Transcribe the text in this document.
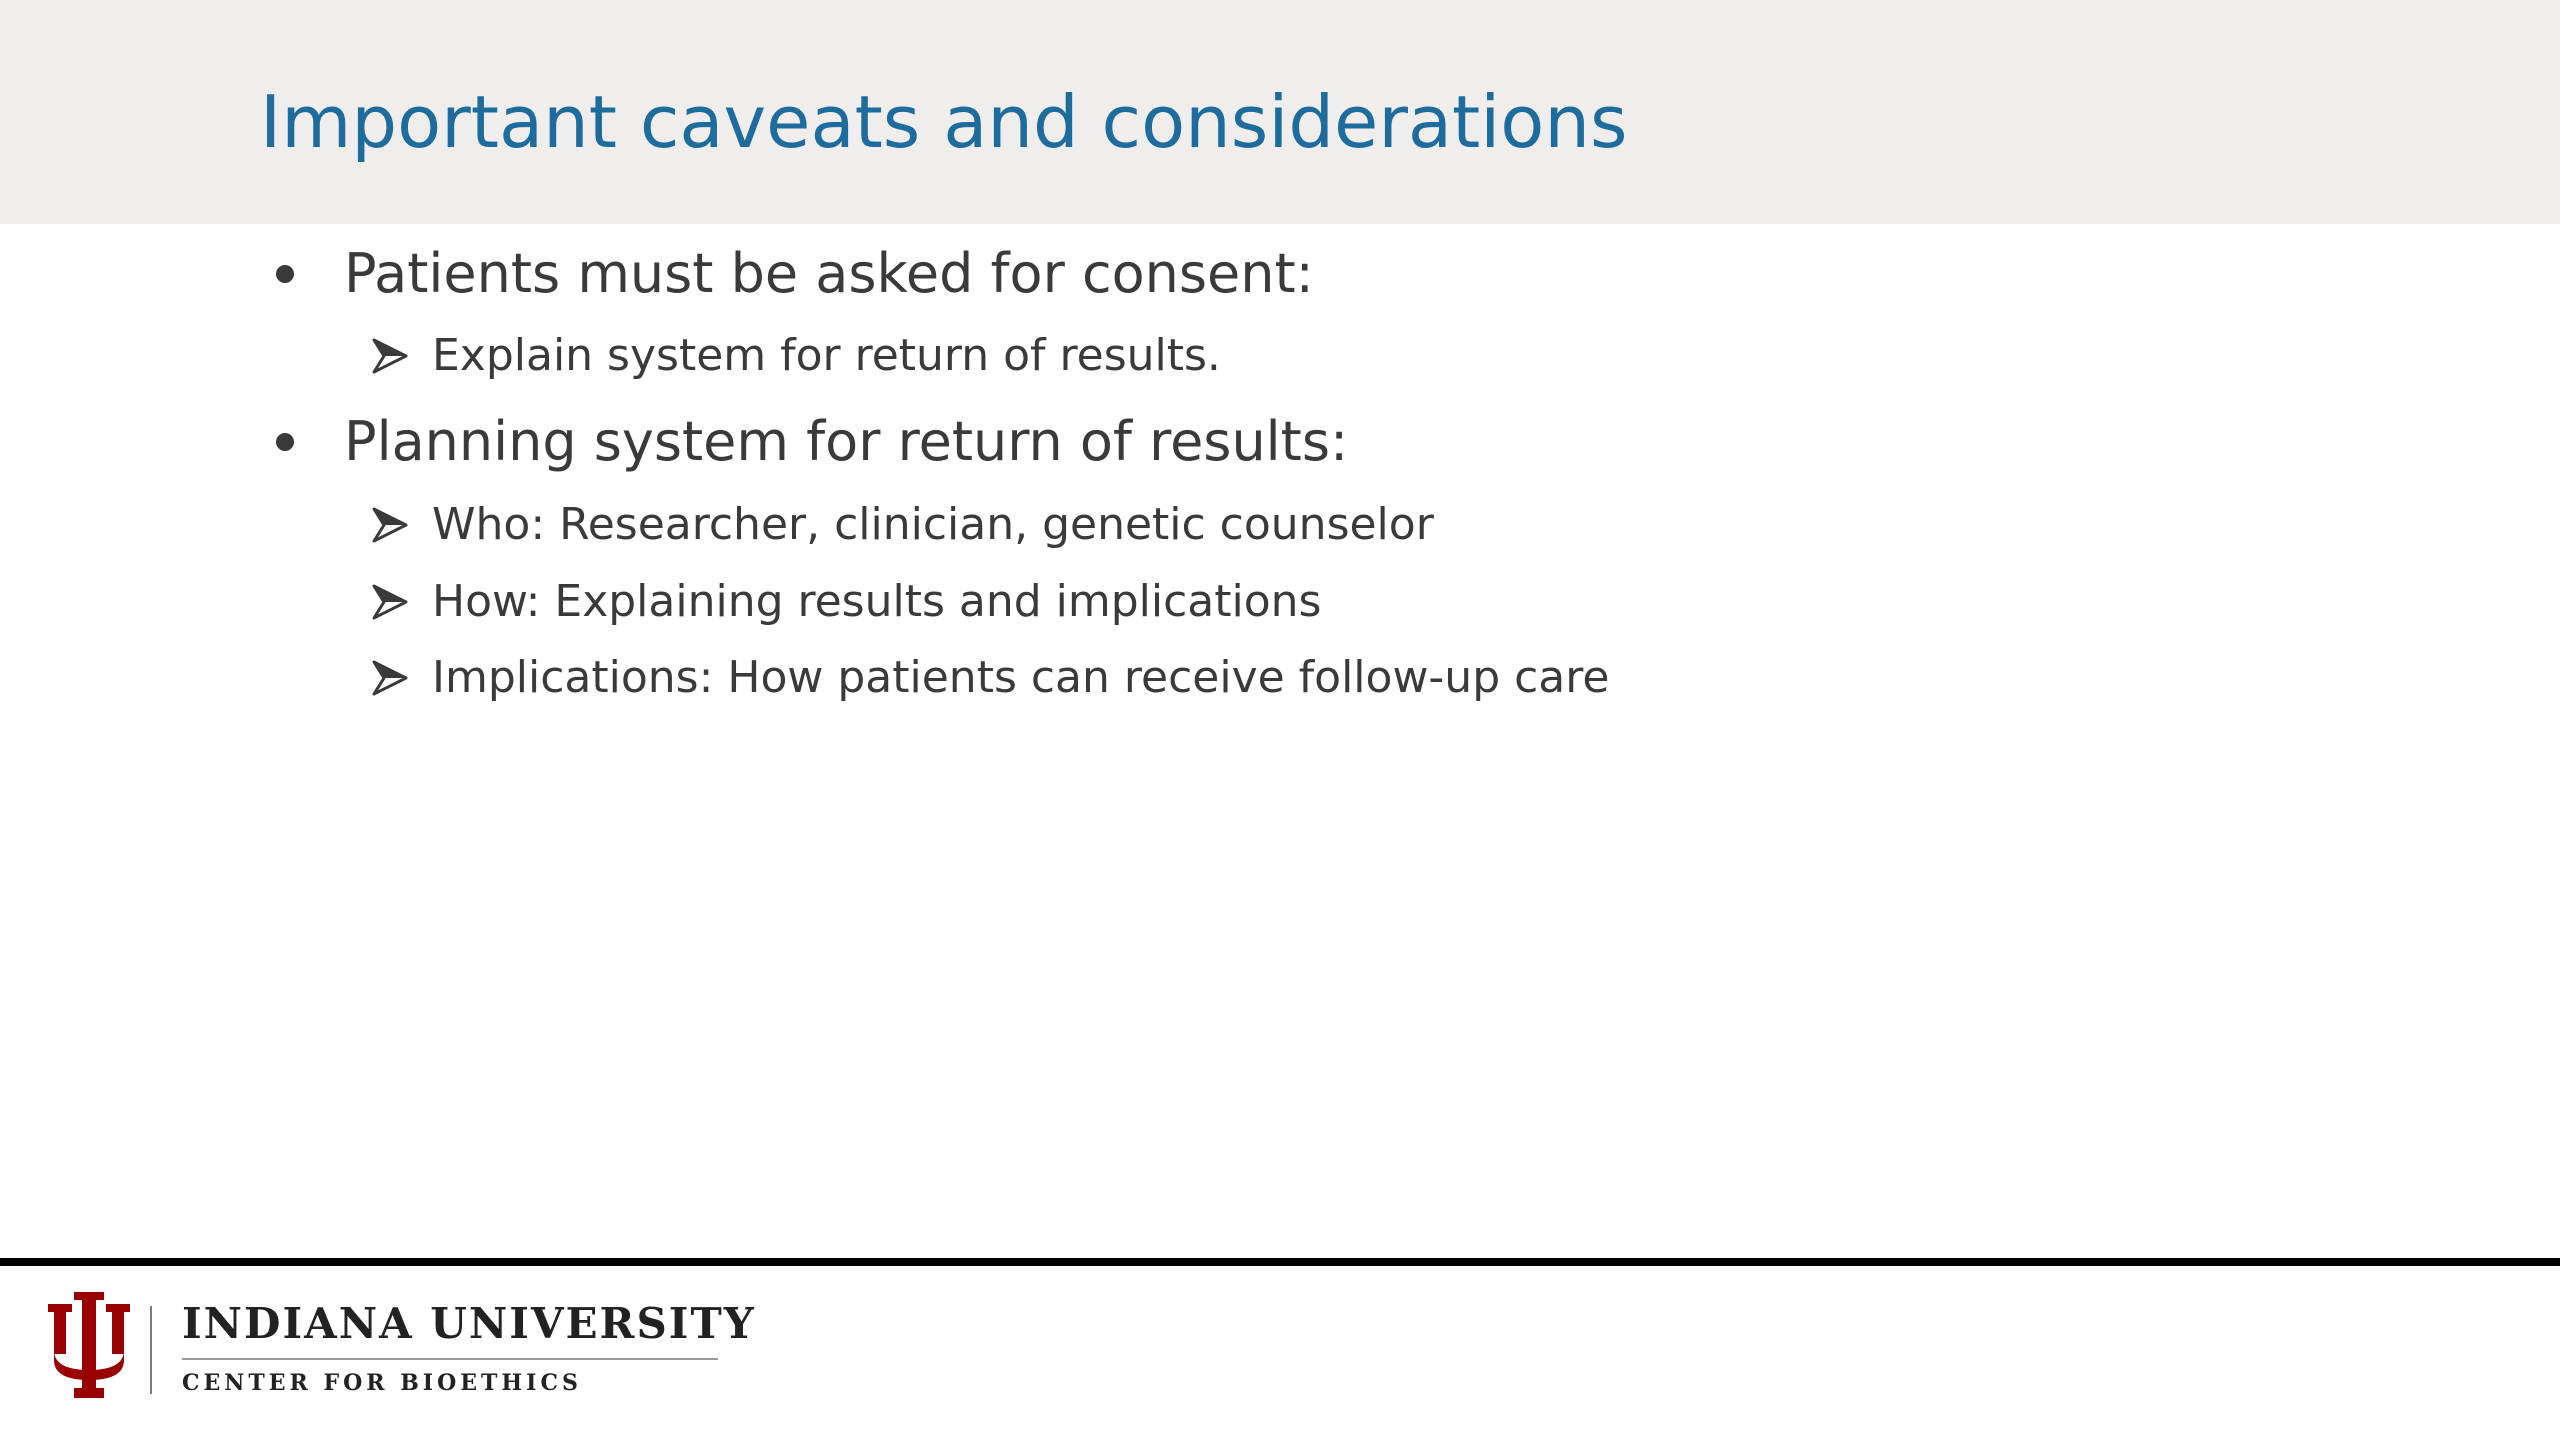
Important caveats and considerations
Patients must be asked for consent:
Explain system for return of results.
Planning system for return of results:
Who: Researcher, clinician, genetic counselor
How: Explaining results and implications
Implications: How patients can receive follow-up care
INDIANA UNIVERSITY
CENTER FOR BIOETHICS
